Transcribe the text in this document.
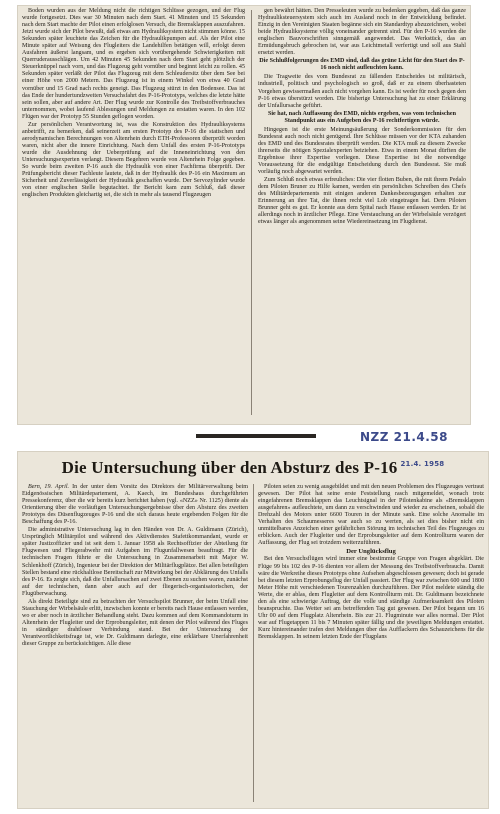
Boden wurden aus der Meldung nicht die richtigen Schlüsse gezogen, und der Flug wurde fortgesetzt. Dies war 30 Minuten nach dem Start. 41 Minuten und 15 Sekunden nach dem Start machte der Pilot einen erfolglosen Versuch, die Bremsklappen auszufahren. Jetzt wurde sich der Pilot bewußt, daß etwas am Hydrauliksystem nicht stimmen könne. 15 Sekunden später leuchtete das Zeichen für die Hydraulikpumpen auf. Als der Pilot eine Minute später auf Weisung des Flugleiters die Landehilfen betätigen will, erfolgt deren Ausfahren äußerst langsam, und es ergeben sich vorübergehende Schwierigkeiten mit Querruderausschlägen. Um 42 Minuten 45 Sekunden nach dem Start geht plötzlich der Steuerknüppel nach vorn, und das Flugzeug geht vornüber und beginnt leicht zu rollen. 45 Sekunden später verläßt der Pilot das Flugzeug mit dem Schleudersitz über dem See bei einer Höhe von 2000 Metern. Das Flugzeug ist in einem Winkel von etwa 40 Grad vornüber und 15 Grad nach rechts geneigt. Das Flugzeug stürzt in den Bodensee. Das ist das Ende der hundertundzweiten Versuchsfahrt des P-16-Prototyps, welches die letzte hätte sein sollen, aber auf andere Art. Der Flug wurde zur Kontrolle des Treibstoffverbrauches unternommen, wobei laufend Ablesungen und Meldungen zu erstatten waren. In den 102 Flügen war der Prototyp 55 Stunden geflogen worden.

Zur persönlichen Verantwortung ist, was die Konstruktion des Hydrauliksystems anbetrifft, zu bemerken, daß seinerzeit am ersten Prototyp des P-16 die statischen und aerodynamischen Berechnungen von Altenrhein durch ETH-Professoren überprüft worden waren, nicht aber die innere Einrichtung. Nach dem Unfall des ersten P-16-Prototyps wurde die Ausdehnung der Ueberprüfung auf die Inneneinrichtung von den Untersuchungsexperten verlangt. Diesem Begehren wurde von Altenrhein Folge gegeben. So wurde beim zweiten P-16 auch die Hydraulik von einer Fachfirma überprüft. Der Prüfungsbericht dieser Fachleute lautete, daß in der Hydraulik des P-16 ein Maximum an Sicherheit und Zuverlässigkeit der Hydraulik geschaffen wurde. Der Servozylinder wurde von einer englischen Stelle begutachtet. Ihr Bericht kam zum Schluß, daß dieser englischen Produkten gleichartig sei, die sich in mehr als tausend Flugzeugen

gen bewährt hätten. Den Presseleuten wurde zu bedenken gegeben, daß das ganze Hydrauliksteuersystem sich auch im Ausland noch in der Entwicklung befindet. Einzig in den Vereinigten Staaten begänne sich ein Standardtyp abzuzeichnen, wobei beide Hydrauliksysteme völlig voneinander getrennt sind. Für den P-16 wurden die englischen Bauvorschriften sinngemäß angewendet. Das Werkstück, das an Ermüdungsbruch gebrochen ist, war aus Leichtmetall verfertigt und soll aus Stahl ersetzt werden.

Die Schlußfolgerungen des EMD sind, daß das grüne Licht für den Start des P-16 noch nicht aufleuchten kann.

Die Tragweite des vom Bundesrat zu fällenden Entscheides ist militärisch, industriell, politisch und psychologisch so groß, daß er zu einem überhasteten Vorgehen gewissermaßen auch nicht vorgehen kann. Es ist weder für noch gegen den P-16 etwas überstürzt worden. Die bisherige Untersuchung hat zu einer Erklärung der Unfallursache geführt.

Sie hat, nach Auffassung des EMD, nichts ergeben, was vom technischen Standpunkt aus ein Aufgeben des P-16 rechtfertigen würde.

Hingegen ist die erste Meinungsäußerung der Sonderkommission für den Bundesrat auch noch nicht genügend. Ihre Schlüsse müssen vor der KTA zuhanden des EMD und des Bundesrates überprüft werden. Die KTA muß zu diesem Zwecke ihrerseits die nötigen Spezialexperten beiziehen. Etwa in einem Monat dürften die Ergebnisse ihrer Expertise vorliegen. Diese Expertise ist die notwendige Voraussetzung für die endgültige Entscheidung durch den Bundesrat. Sie muß vorläufig noch abgewartet werden.

Zum Schluß noch etwas erfreuliches: Die vier flotten Buben, die mit ihrem Pedalo dem Piloten Bruner zu Hilfe kamen, werden ein persönliches Schreiben des Chefs des Militärdepartements mit einigen anderen Dankesbezeugungen erhalten zur Erinnerung an ihre Tat, die ihnen recht viel Lob eingetragen hat. Dem Piloten Brunner geht es gut. Er konnte aus dem Spital nach Hause entlassen werden. Er ist allerdings noch in ärztlicher Pflege. Eine Verstauchung an der Wirbelsäule verzögert etwas länger als angenommen seine Wiedereinsetzung im Flugdienst.

NZZ 21.4.58
Die Untersuchung über den Absturz des P-16 $^{21.4. 1958}$

Bern, 19. April. In der unter dem Vorsitz des Direktors der Militärverwaltung beim Eidgenössischen Militärdepartement, A. Kaech, im Bundeshaus durchgeführten Pressekonferenz, über die wir bereits kurz berichtet haben (vgl. «NZZ» Nr. 1125) diente als Orientierung über die vorläufigen Untersuchungsergebnisse über den Absturz des zweiten Prototyps des Düsenflugzeuges P-16 und die sich daraus heute ergebenden Folgen für die Beschaffung des P-16.

Die administrative Untersuchung lag in den Händen von Dr. A. Guldimann (Zürich), Ursprünglich Militärpilot und während des Aktivdienstes Stafettkommandant, wurde er später Justizoffizier und ist seit dem 1. Januar 1958 als Rechtsoffizier der Abteilung für Flugwesen und Fliegerabwehr mit Aufgaben im Flugunfallwesen beauftragt. Für die technischen Fragen führte er die Untersuchung in Zusammenarbeit mit Major W. Schlenkhoff (Zürich), Ingenieur bei der Direktion der Militärflugplätze. Bei allen beteiligten Stellen bestand eine rückhaltlose Bereitschaft zur Mitwirkung bei der Abklärung des Unfalls des P-16. Es zeigte sich, daß die Unfallursachen auf zwei Ebenen zu suchen waren, zunächst auf der technischen, dann aber auch auf der fliegerisch-organisatorischen, der Flugüberwachung.

Als direkt Beteiligte sind zu betrachten der Versuchspilot Brunner, der beim Unfall eine Stauchung der Wirbelsäule erlitt, inzwischen konnte er bereits nach Hause entlassen werden, wo er aber noch in ärztlicher Behandlung steht. Dazu kommen auf dem Kommandoturm in Altenrhein der Flugleiter und der Erprobungsleiter, mit denen der Pilot während des Fluges in ständiger drahtloser Verbindung stand. Bei der Untersuchung der Verantwortlichkeitsfrage ist, wie Dr. Guldimann darlegte, eine erklärbare Unerfahrenheit dieser Gruppe zu berücksichtigen. Alle diese

Piloten seien zu wenig ausgebildet und mit den neuen Problemen des Flugzeuges vertraut gewesen. Der Pilot hat seine erste Feststellung rasch mitgemeldet, wonach trotz eingefahrenen Bremsklappen das Leuchtsignal in der Pilotenkabine als «Bremsklappen ausgefahren» aufleuchtete, um dann zu verschwinden und wieder zu erscheinen, sobald die Drehzahl des Motors unter 6600 Touren in der Minute sank. Eine solche Anomalie im Verhalten des Schaumesseres war auch so zu werten, als sei dies bisher nicht ein unmittelbares Anzeichen einer gefährlichen Störung im technischen Teil des Flugzeuges zu erblicken. Auch der Flugleiter und der Erprobungsleiter auf dem Kontrollturm waren der Auffassung, der Flug sei trotzdem weiterzuführen.

Der Unglücksflug

Bei den Versuchsflügen wird immer eine bestimmte Gruppe von Fragen abgeklärt. Die Flüge 99 bis 102 des P-16 dienten vor allem der Messung des Treibstoffverbrauchs. Damit wäre die Werkreihe dieses Prototyps ohne Aufsehen abgeschlossen gewesen; doch ist gerade bei diesem letzten Erprobungsflug der Unfall passiert. Der Flug war zwischen 600 und 1800 Meter Höhe mit verschiedenen Tourenzahlen durchzuführen. Der Pilot meldete ständig die Werte, die er ablas, dem Flugleiter auf dem Kontrollturm mit. Dr. Guldimann bezeichnete den als eine schwierige Auftrag, der die volle und ständige Aufmerksamkeit des Piloten beanspruchte. Das Wetter sei am betreffenden Tag gut gewesen. Der Pilot begann um 16 Uhr 00 auf dem Flugplatz Altenrhein. Bis zur 21. Flugminute war alles normal. Der Pilot war auf Flugetappen 11 bis 7 Minuten später fällig und die jeweiligen Meldungen erstattet. Kurz hintereinander trafen drei Meldungen über das Aufflackern des Schauzeichens für die Bremsklappen. In seinem letzten Ende der Flugplans
